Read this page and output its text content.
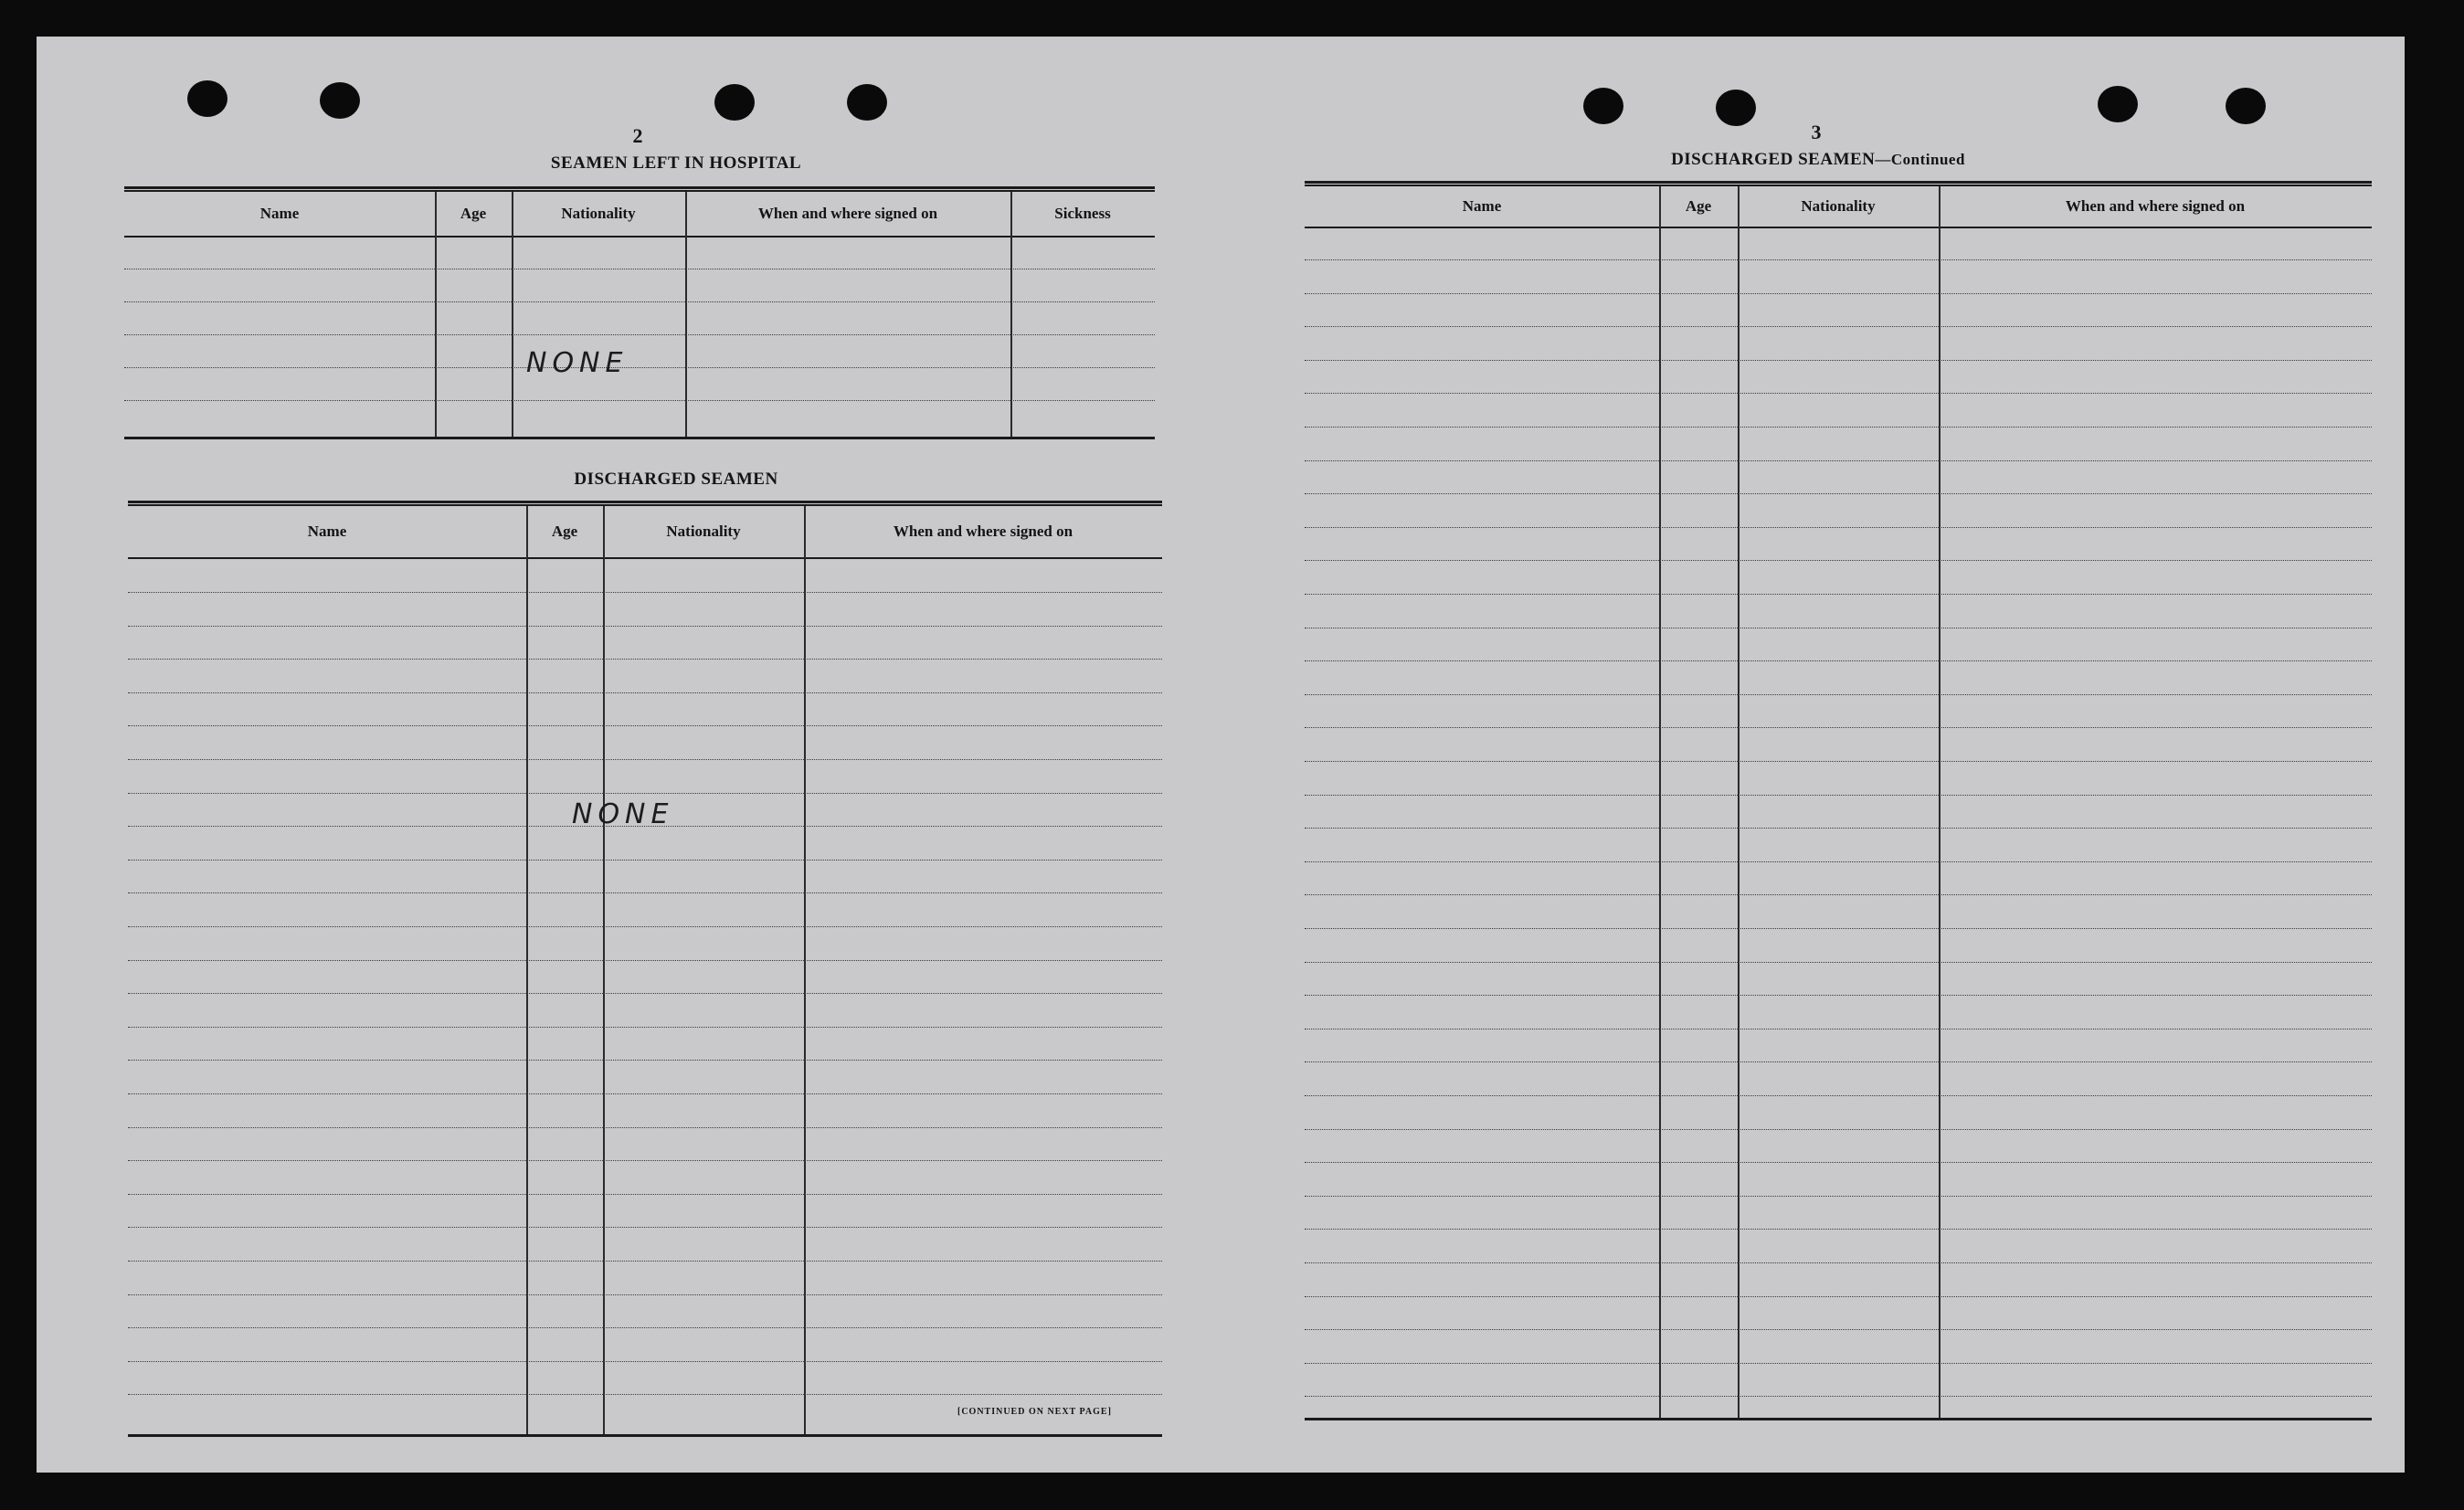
2
SEAMEN LEFT IN HOSPITAL
Name	Age	Nationality	When and where signed on	Sickness
NONE
DISCHARGED SEAMEN
Name	Age	Nationality	When and where signed on
NONE
[CONTINUED ON NEXT PAGE]
3
DISCHARGED SEAMEN—Continued
Name	Age	Nationality	When and where signed on
